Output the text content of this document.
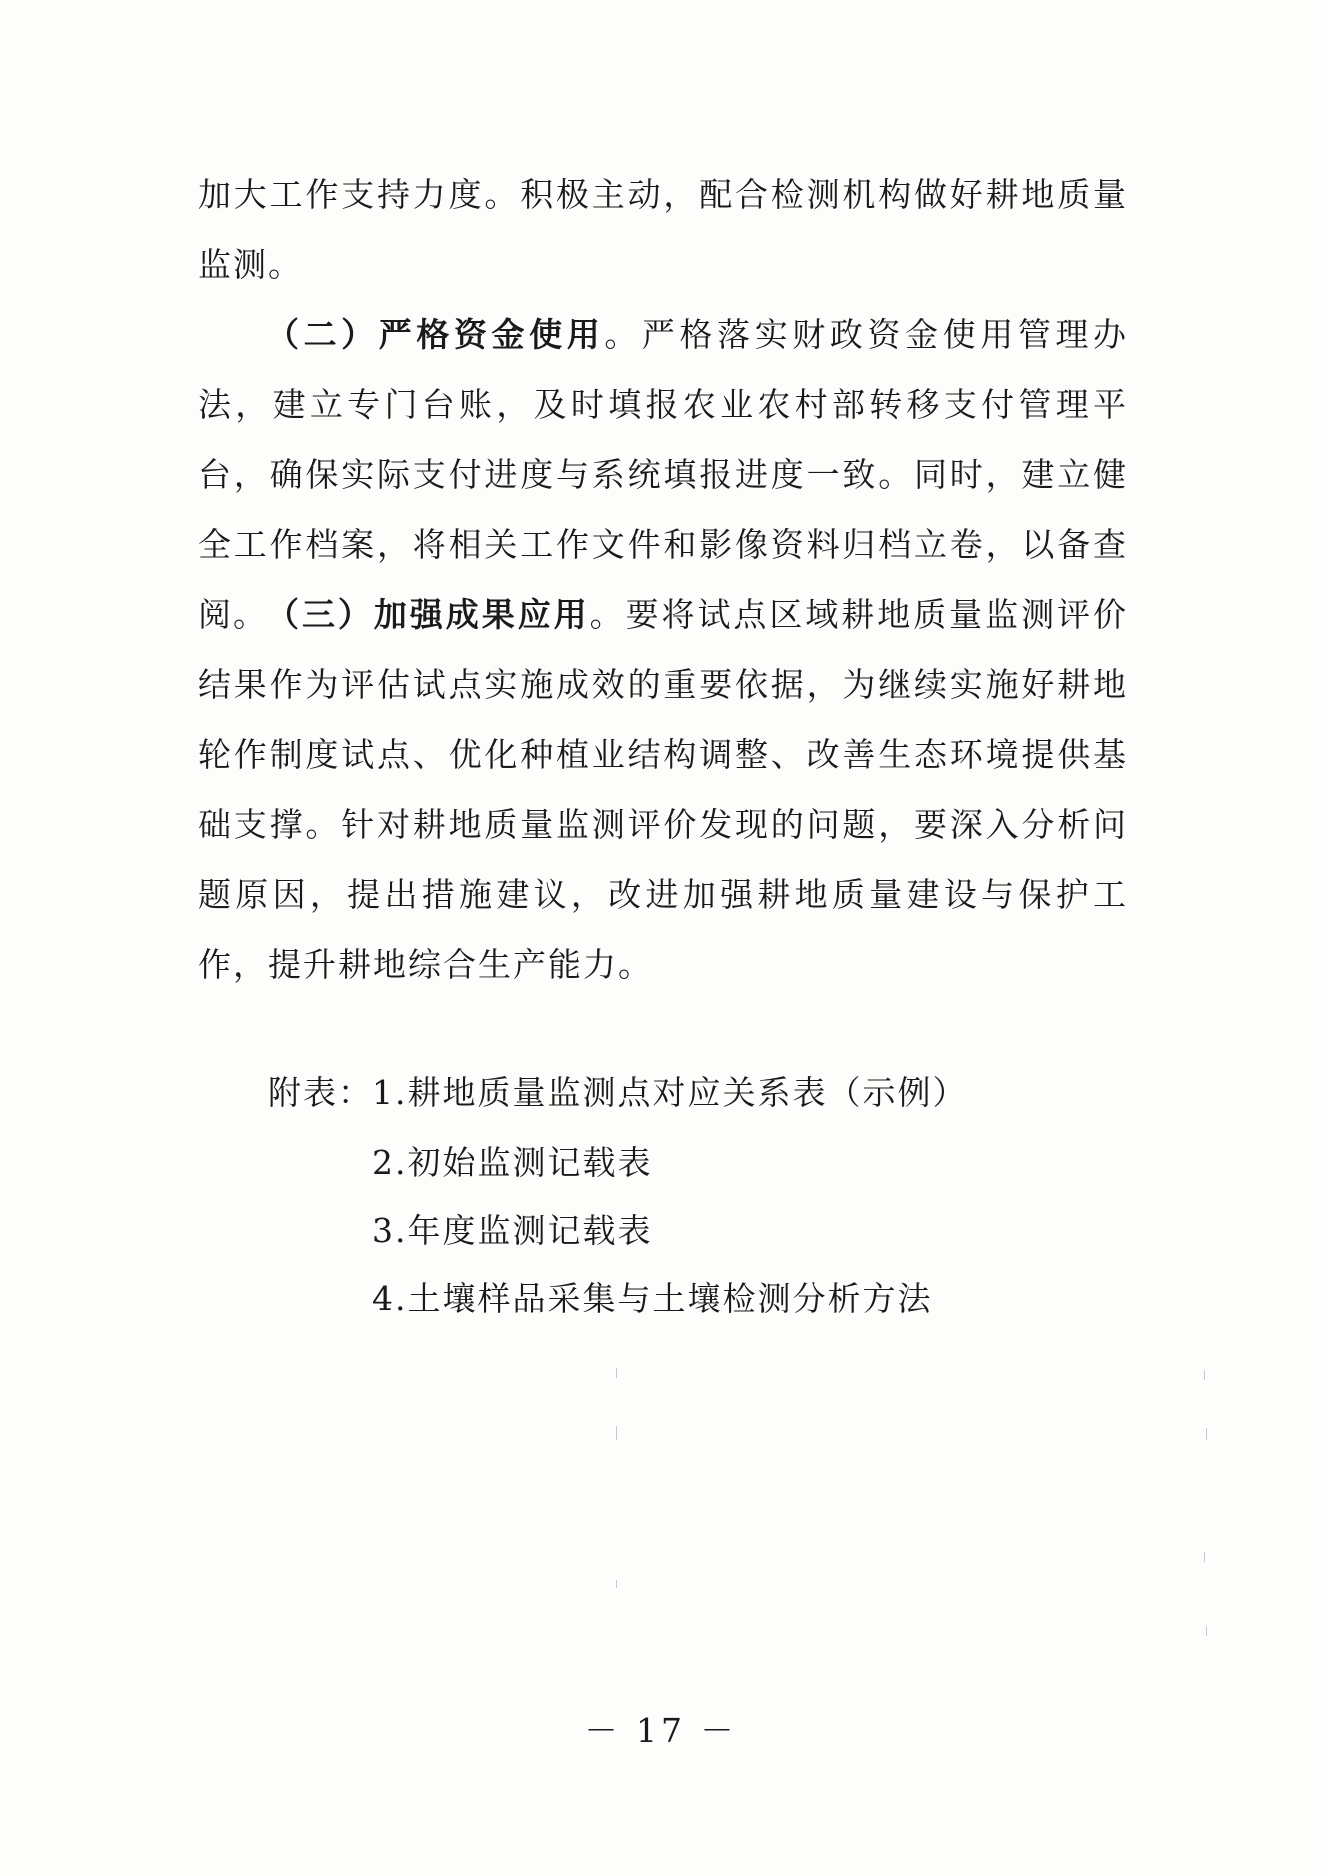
加大工作支持力度。积极主动，配合检测机构做好耕地质量监测。

（二）严格资金使用。严格落实财政资金使用管理办法，建立专门台账，及时填报农业农村部转移支付管理平台，确保实际支付进度与系统填报进度一致。同时，建立健全工作档案，将相关工作文件和影像资料归档立卷，以备查阅。

（三）加强成果应用。要将试点区域耕地质量监测评价结果作为评估试点实施成效的重要依据，为继续实施好耕地轮作制度试点、优化种植业结构调整、改善生态环境提供基础支撑。针对耕地质量监测评价发现的问题，要深入分析问题原因，提出措施建议，改进加强耕地质量建设与保护工作，提升耕地综合生产能力。

附表： 1.耕地质量监测点对应关系表（示例）

2.初始监测记载表

3.年度监测记载表

4.土壤样品采集与土壤检测分析方法

－ 17 －
